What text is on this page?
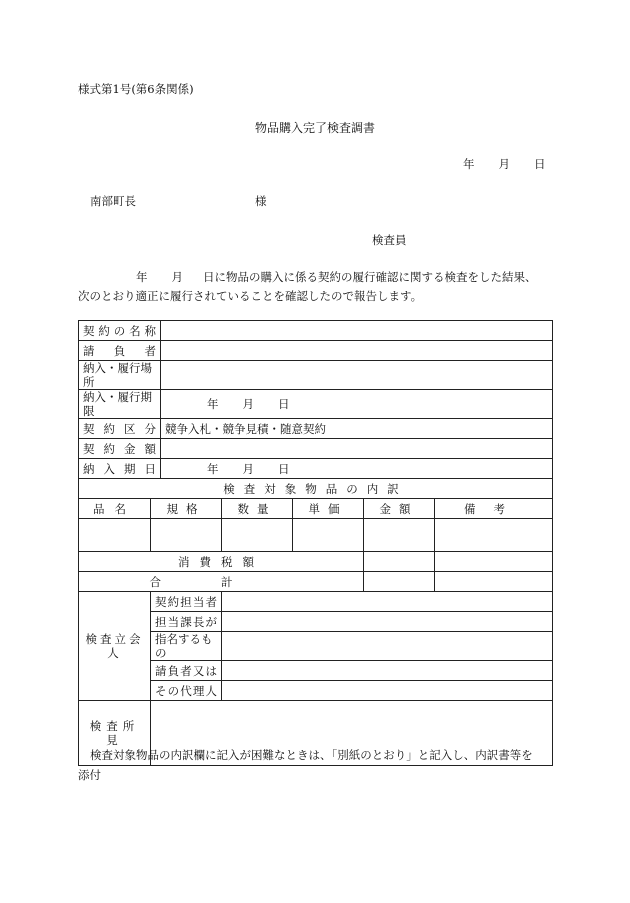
様式第1号(第6条関係)
物品購入完了検査調書
年 月 日
南部町長	様
検査員

年 月 日に物品の購入に係る契約の履行確認に関する検査をした結果、

次のとおり適正に履行されていることを確認したので報告します。

契 約 の 名 称						

請 負 者						

納入・履行場所						
納入・履行期限		年 月 日				

契 約 区 分		競争入札・競争見積・随意契約				

契 約 金 額						

納 入 期 日		年 月 日				
検査対象物品の内訳						
品名	規格		数量	単価	金額	備考

消費税額						
合計						
検査立会人	契 約 担 当 者					

	担 当 課 長 が					

	指名するもの					

	請 負 者 又 は					

	そ の 代 理 人					

検査所見						

検査対象物品の内訳欄に記入が困難なときは、「別紙のとおり」と記入し、内訳書等を

添付
